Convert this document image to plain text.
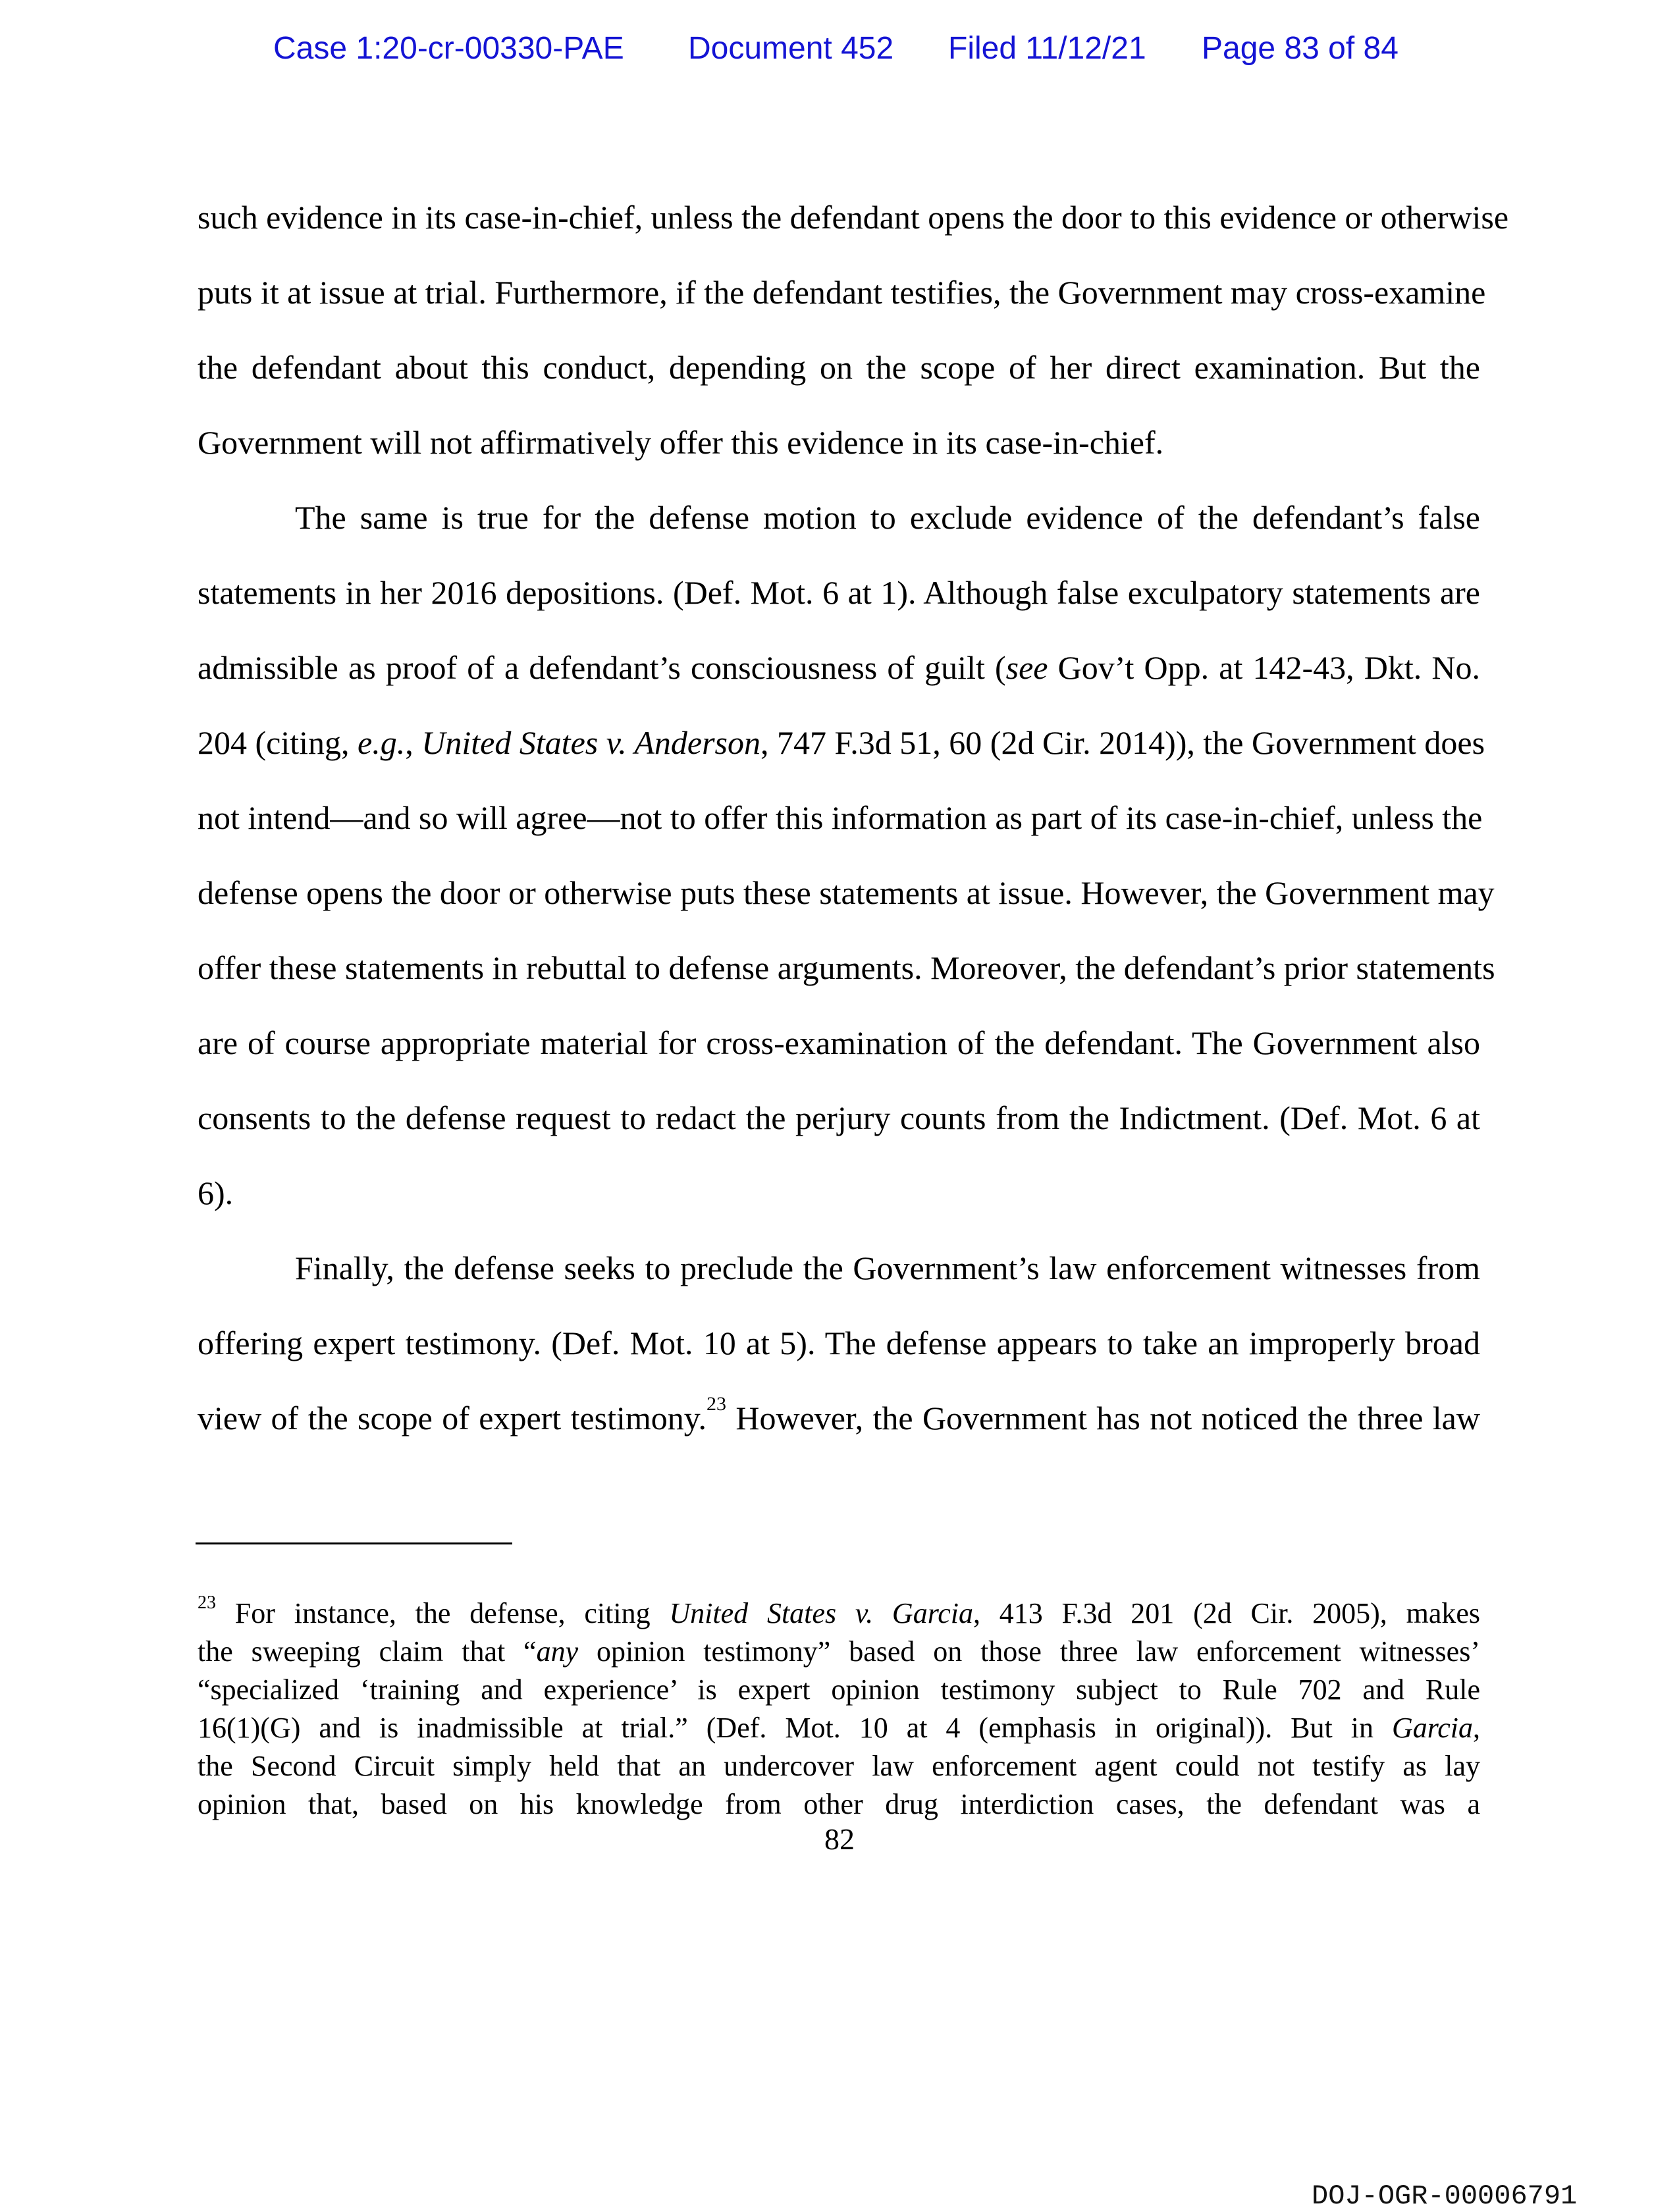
Case 1:20-cr-00330-PAE Document 452 Filed 11/12/21 Page 83 of 84
such evidence in its case-in-chief, unless the defendant opens the door to this evidence or otherwise
puts it at issue at trial. Furthermore, if the defendant testifies, the Government may cross-examine
the defendant about this conduct, depending on the scope of her direct examination. But the
Government will not affirmatively offer this evidence in its case-in-chief.
The same is true for the defense motion to exclude evidence of the defendant’s false
statements in her 2016 depositions. (Def. Mot. 6 at 1). Although false exculpatory statements are
admissible as proof of a defendant’s consciousness of guilt (see Gov’t Opp. at 142-43, Dkt. No.
204 (citing, e.g., United States v. Anderson, 747 F.3d 51, 60 (2d Cir. 2014)), the Government does
not intend—and so will agree—not to offer this information as part of its case-in-chief, unless the
defense opens the door or otherwise puts these statements at issue. However, the Government may
offer these statements in rebuttal to defense arguments. Moreover, the defendant’s prior statements
are of course appropriate material for cross-examination of the defendant. The Government also
consents to the defense request to redact the perjury counts from the Indictment. (Def. Mot. 6 at
6).
Finally, the defense seeks to preclude the Government’s law enforcement witnesses from
offering expert testimony. (Def. Mot. 10 at 5). The defense appears to take an improperly broad
view of the scope of expert testimony.$^{23}$ However, the Government has not noticed the three law
$^{23}$ For instance, the defense, citing United States v. Garcia, 413 F.3d 201 (2d Cir. 2005), makes
the sweeping claim that “any opinion testimony” based on those three law enforcement witnesses’
“specialized ‘training and experience’ is expert opinion testimony subject to Rule 702 and Rule
16(1)(G) and is inadmissible at trial.” (Def. Mot. 10 at 4 (emphasis in original)). But in Garcia,
the Second Circuit simply held that an undercover law enforcement agent could not testify as lay
opinion that, based on his knowledge from other drug interdiction cases, the defendant was a
82
DOJ-OGR-00006791
